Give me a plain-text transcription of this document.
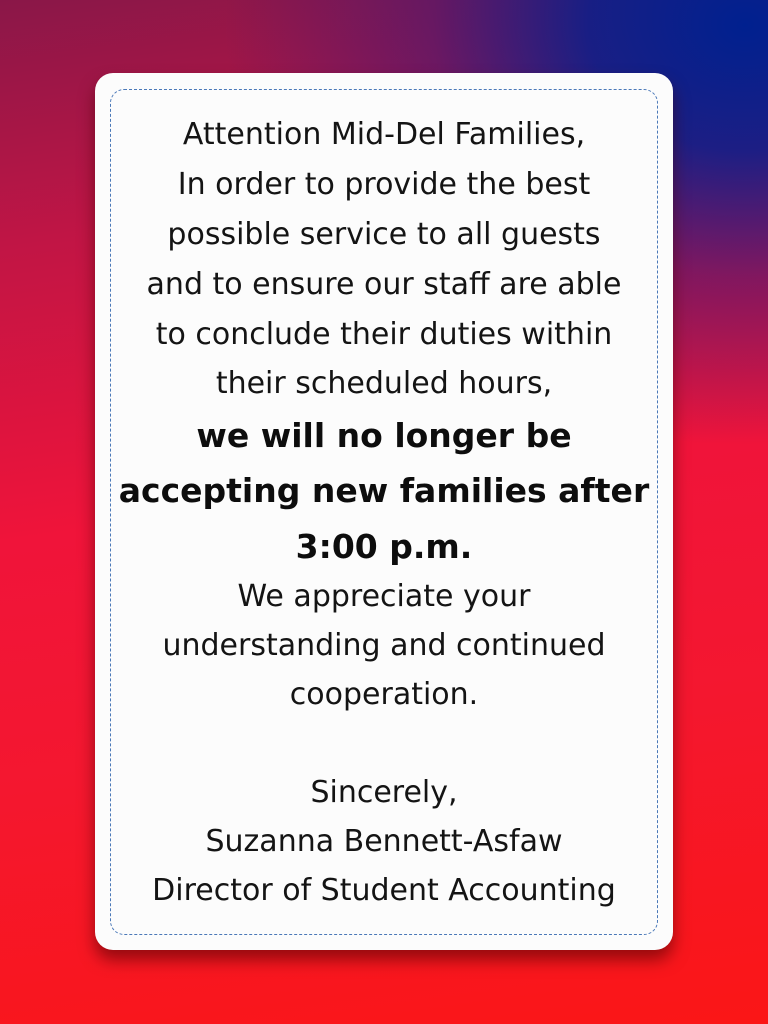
Attention Mid-Del Families,
In order to provide the best
possible service to all guests
and to ensure our staff are able
to conclude their duties within
their scheduled hours,
we will no longer be
accepting new families after
3:00 p.m.
We appreciate your
understanding and continued
cooperation.
Sincerely,
Suzanna Bennett-Asfaw
Director of Student Accounting
